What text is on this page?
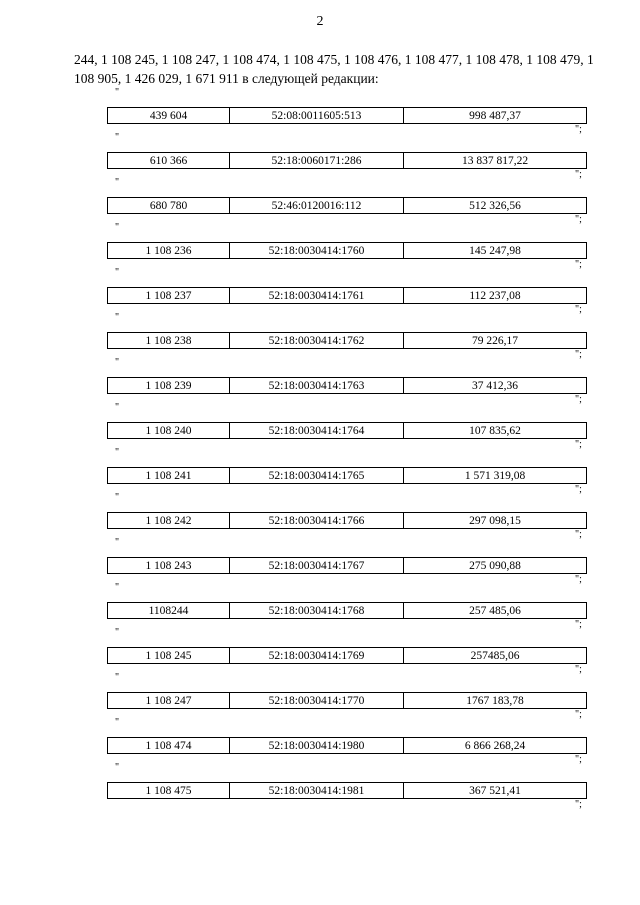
2

244, 1 108 245, 1 108 247, 1 108 474, 1 108 475, 1 108 476, 1 108 477, 1 108 478, 1 108 479, 1 108 905, 1 426 029, 1 671 911 в следующей редакции:

"
439 604	52:08:0011605:513	998 487,37
";
"
610 366	52:18:0060171:286	13 837 817,22
";
"
680 780	52:46:0120016:112	512 326,56
";
"
1 108 236	52:18:0030414:1760	145 247,98
";
"
1 108 237	52:18:0030414:1761	112 237,08
";
"
1 108 238	52:18:0030414:1762	79 226,17
";
"
1 108 239	52:18:0030414:1763	37 412,36
";
"
1 108 240	52:18:0030414:1764	107 835,62
";
"
1 108 241	52:18:0030414:1765	1 571 319,08
";
"
1 108 242	52:18:0030414:1766	297 098,15
";
"
1 108 243	52:18:0030414:1767	275 090,88
";
"
1108244	52:18:0030414:1768	257 485,06
";
"
1 108 245	52:18:0030414:1769	257485,06
";
"
1 108 247	52:18:0030414:1770	1767 183,78
";
"
1 108 474	52:18:0030414:1980	6 866 268,24
";
"
1 108 475	52:18:0030414:1981	367 521,41
";
